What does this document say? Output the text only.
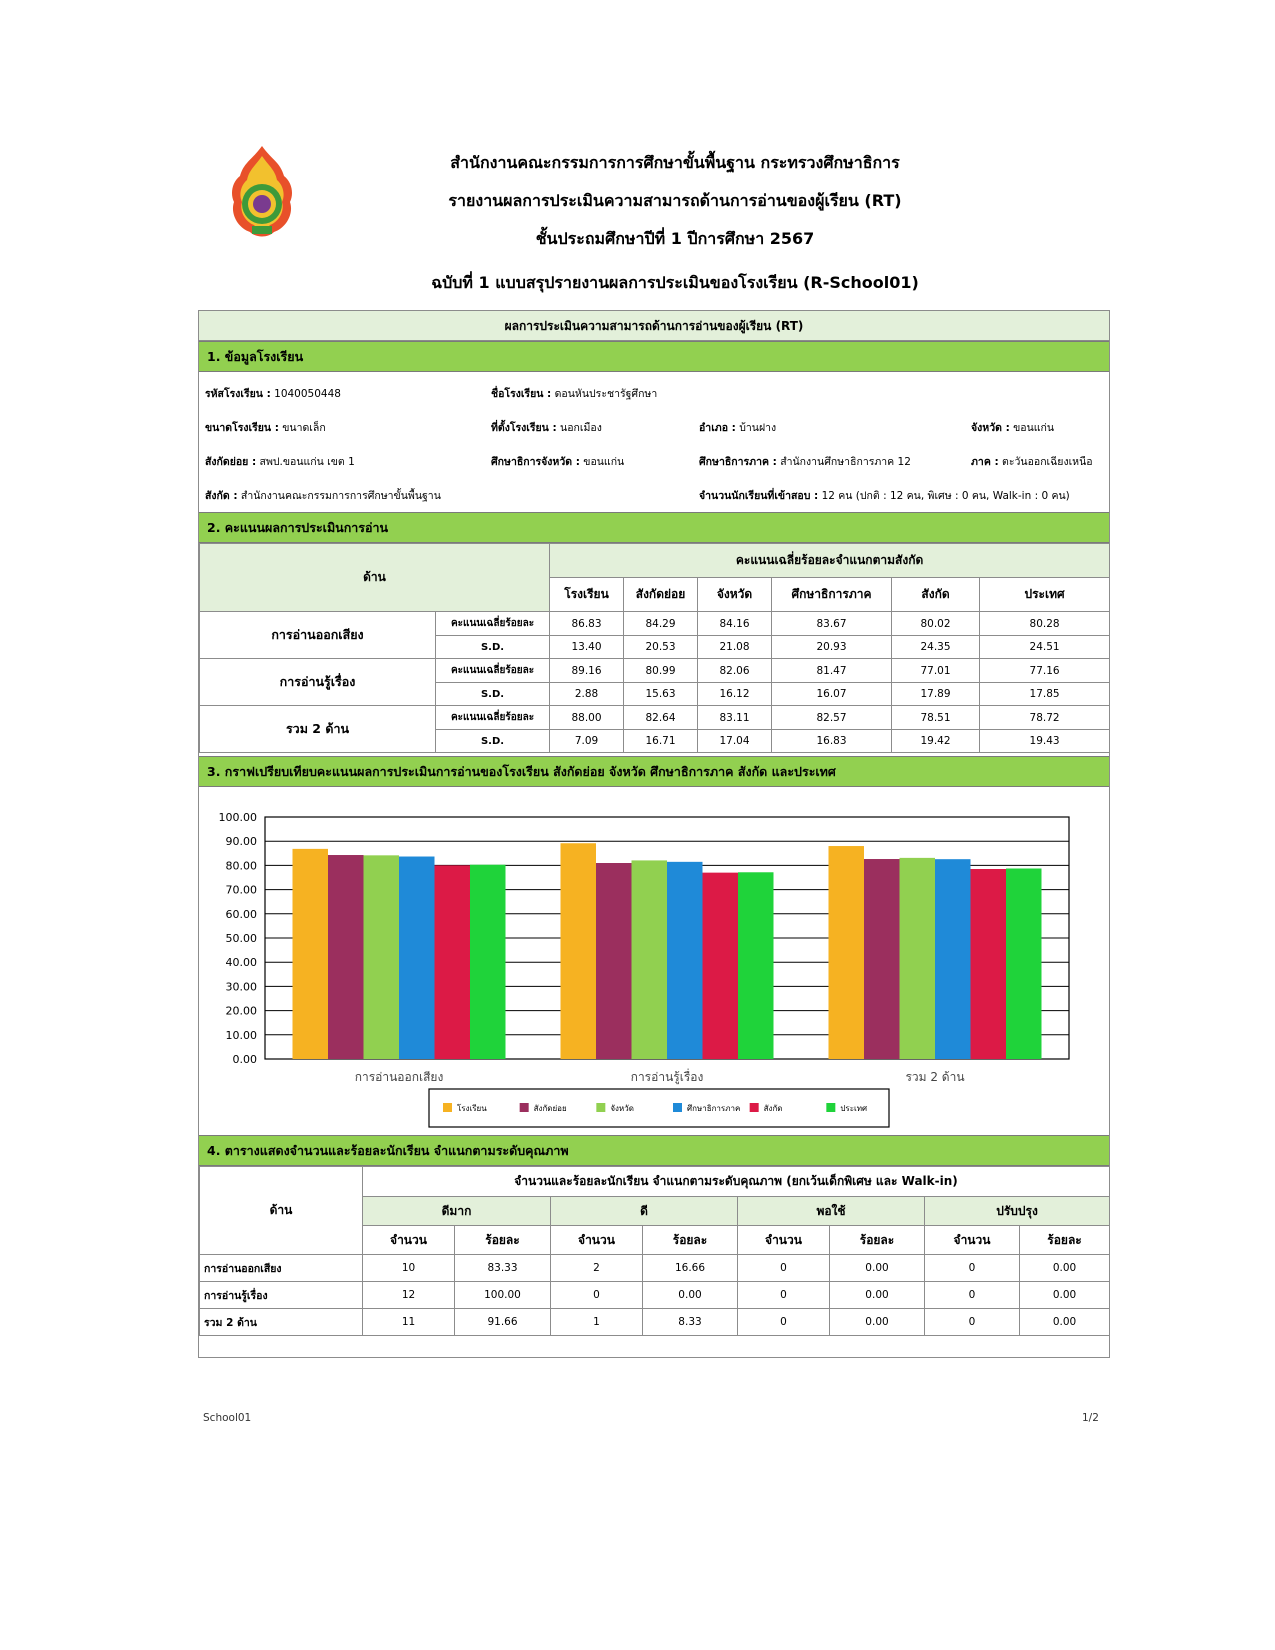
สำนักงานคณะกรรมการการศึกษาขั้นพื้นฐาน กระทรวงศึกษาธิการ
รายงานผลการประเมินความสามารถด้านการอ่านของผู้เรียน (RT)
ชั้นประถมศึกษาปีที่ 1 ปีการศึกษา 2567
ฉบับที่ 1 แบบสรุปรายงานผลการประเมินของโรงเรียน (R-School01)
ผลการประเมินความสามารถด้านการอ่านของผู้เรียน (RT)
1. ข้อมูลโรงเรียน
รหัสโรงเรียน : 1040050448	ชื่อโรงเรียน : ดอนหันประชารัฐศึกษา
ขนาดโรงเรียน : ขนาดเล็ก	ที่ตั้งโรงเรียน : นอกเมือง	อำเภอ : บ้านฝาง	จังหวัด : ขอนแก่น
สังกัดย่อย : สพป.ขอนแก่น เขต 1	ศึกษาธิการจังหวัด : ขอนแก่น	ศึกษาธิการภาค : สำนักงานศึกษาธิการภาค 12	ภาค : ตะวันออกเฉียงเหนือ
สังกัด : สำนักงานคณะกรรมการการศึกษาขั้นพื้นฐาน	จำนวนนักเรียนที่เข้าสอบ : 12 คน (ปกติ : 12 คน, พิเศษ : 0 คน, Walk-in : 0 คน)
2. คะแนนผลการประเมินการอ่าน
ด้าน		คะแนนเฉลี่ยร้อยละจำแนกตามสังกัด					
		โรงเรียน	สังกัดย่อย	จังหวัด	ศึกษาธิการภาค	สังกัด	ประเทศ
การอ่านออกเสียง	คะแนนเฉลี่ยร้อยละ	86.83	84.29	84.16	83.67	80.02	80.28
	S.D.	13.40	20.53	21.08	20.93	24.35	24.51
การอ่านรู้เรื่อง	คะแนนเฉลี่ยร้อยละ	89.16	80.99	82.06	81.47	77.01	77.16
	S.D.	2.88	15.63	16.12	16.07	17.89	17.85
รวม 2 ด้าน	คะแนนเฉลี่ยร้อยละ	88.00	82.64	83.11	82.57	78.51	78.72
	S.D.	7.09	16.71	17.04	16.83	19.42	19.43
3. กราฟเปรียบเทียบคะแนนผลการประเมินการอ่านของโรงเรียน สังกัดย่อย จังหวัด ศึกษาธิการภาค สังกัด และประเทศ
0.00
10.00
20.00
30.00
40.00
50.00
60.00
70.00
80.00
90.00
100.00
การอ่านออกเสียง	การอ่านรู้เรื่อง	รวม 2 ด้าน
โรงเรียน	สังกัดย่อย	จังหวัด	ศึกษาธิการภาค	สังกัด	ประเทศ
4. ตารางแสดงจำนวนและร้อยละนักเรียน จำแนกตามระดับคุณภาพ
ด้าน	จำนวนและร้อยละนักเรียน จำแนกตามระดับคุณภาพ (ยกเว้นเด็กพิเศษ และ Walk-in)							
	ดีมาก		ดี		พอใช้		ปรับปรุง	
	จำนวน	ร้อยละ	จำนวน	ร้อยละ	จำนวน	ร้อยละ	จำนวน	ร้อยละ
การอ่านออกเสียง	10	83.33	2	16.66	0	0.00	0	0.00
การอ่านรู้เรื่อง	12	100.00	0	0.00	0	0.00	0	0.00
รวม 2 ด้าน	11	91.66	1	8.33	0	0.00	0	0.00
School01	1/2
